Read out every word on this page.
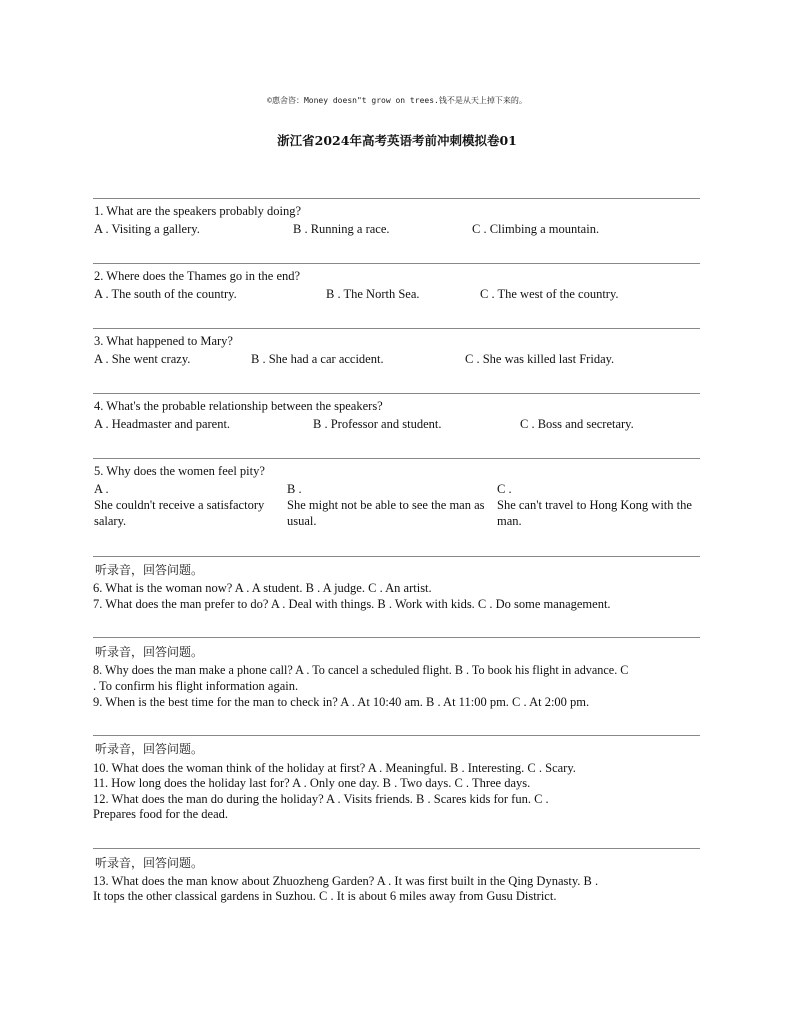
©惠舍咨：Money doesn"t grow on trees.钱不是从天上掉下来的。
浙江省2024年高考英语考前冲刺模拟卷01
1. What are the speakers probably doing?
A . Visiting a gallery.	B . Running a race.	C . Climbing a mountain.
2. Where does the Thames go in the end?
A . The south of the country.	B . The North Sea.	C . The west of the country.
3. What happened to Mary?
A . She went crazy.	B . She had a car accident.	C . She was killed last Friday.
4. What's the probable relationship between the speakers?
A . Headmaster and parent.	B . Professor and student.	C . Boss and secretary.
5. Why does the women feel pity?
A .
She couldn't receive a satisfactory salary.
B .
She might not be able to see the man as usual.
C .
She can't travel to Hong Kong with the man.
听录音，回答问题。
6. What is the woman now? A . A student. B . A judge. C . An artist.
7. What does the man prefer to do? A . Deal with things. B . Work with kids. C . Do some management.
听录音，回答问题。
8. Why does the man make a phone call? A . To cancel a scheduled flight. B . To book his flight in advance. C
. To confirm his flight information again.
9. When is the best time for the man to check in? A . At 10:40 am. B . At 11:00 pm. C . At 2:00 pm.
听录音，回答问题。
10. What does the woman think of the holiday at first? A . Meaningful. B . Interesting. C . Scary.
11. How long does the holiday last for? A . Only one day. B . Two days. C . Three days.
12. What does the man do during the holiday? A . Visits friends. B . Scares kids for fun. C .
Prepares food for the dead.
听录音，回答问题。
13. What does the man know about Zhuozheng Garden? A . It was first built in the Qing Dynasty. B .
It tops the other classical gardens in Suzhou. C . It is about 6 miles away from Gusu District.
